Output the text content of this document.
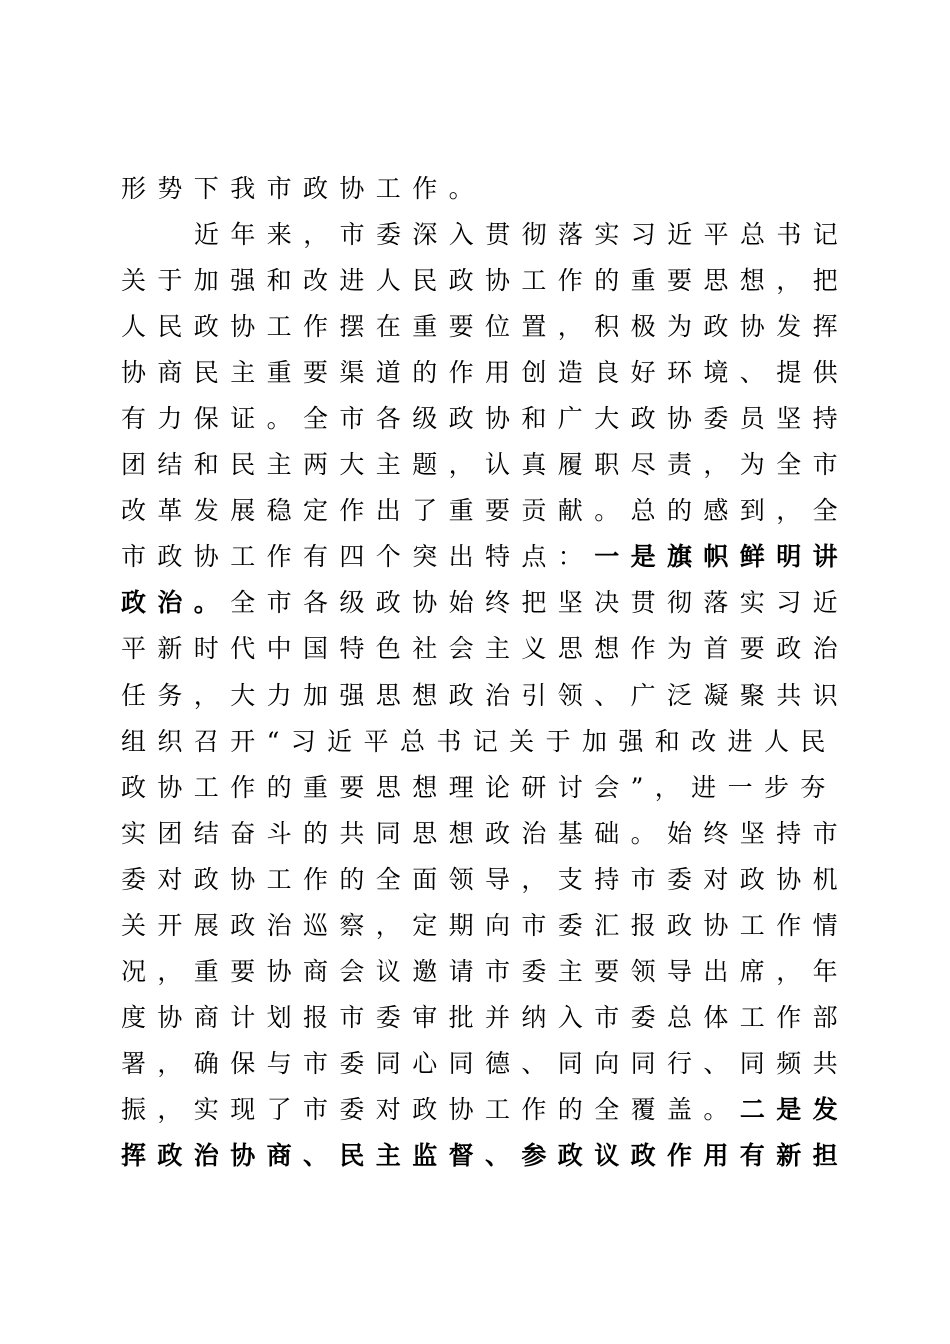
形势下我市政协工作。
近年来，市委深入贯彻落实习近平总书记
关于加强和改进人民政协工作的重要思想，把
人民政协工作摆在重要位置，积极为政协发挥
协商民主重要渠道的作用创造良好环境、提供
有力保证。全市各级政协和广大政协委员坚持
团结和民主两大主题，认真履职尽责，为全市
改革发展稳定作出了重要贡献。总的感到，全
市政协工作有四个突出特点：一是旗帜鲜明讲
政治。全市各级政协始终把坚决贯彻落实习近
平新时代中国特色社会主义思想作为首要政治
任务，大力加强思想政治引领、广泛凝聚共识
组织召开“习近平总书记关于加强和改进人民
政协工作的重要思想理论研讨会”，进一步夯
实团结奋斗的共同思想政治基础。始终坚持市
委对政协工作的全面领导，支持市委对政协机
关开展政治巡察，定期向市委汇报政协工作情
况，重要协商会议邀请市委主要领导出席，年
度协商计划报市委审批并纳入市委总体工作部
署，确保与市委同心同德、同向同行、同频共
振，实现了市委对政协工作的全覆盖。二是发
挥政治协商、民主监督、参政议政作用有新担
